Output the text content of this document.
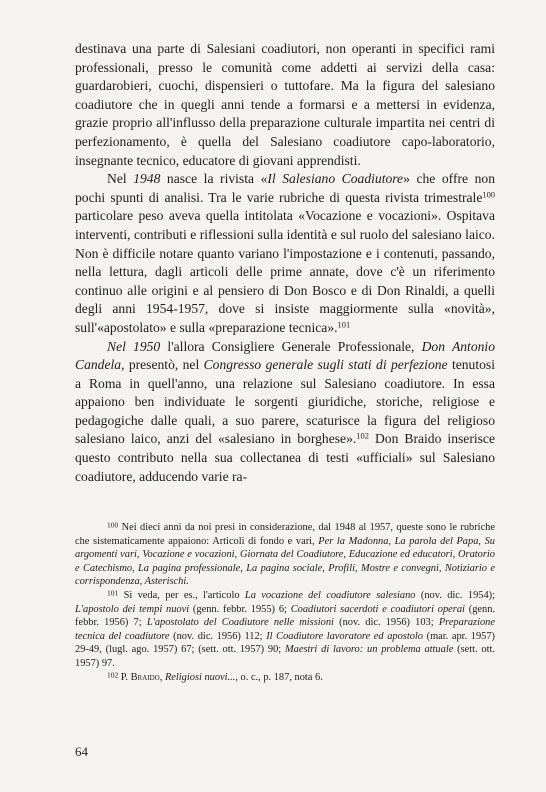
destinava una parte di Salesiani coadiutori, non operanti in specifici rami professionali, presso le comunità come addetti ai servizi della casa: guardarobieri, cuochi, dispensieri o tuttofare. Ma la figura del salesiano coadiutore che in quegli anni tende a formarsi e a mettersi in evidenza, grazie proprio all'influsso della preparazione culturale impartita nei centri di perfezionamento, è quella del Salesiano coadiutore capo-laboratorio, insegnante tecnico, educatore di giovani apprendisti.

Nel 1948 nasce la rivista «Il Salesiano Coadiutore» che offre non pochi spunti di analisi. Tra le varie rubriche di questa rivista trimestrale$^{100}$ particolare peso aveva quella intitolata «Vocazione e vocazioni». Ospitava interventi, contributi e riflessioni sulla identità e sul ruolo del salesiano laico. Non è difficile notare quanto variano l'impostazione e i contenuti, passando, nella lettura, dagli articoli delle prime annate, dove c'è un riferimento continuo alle origini e al pensiero di Don Bosco e di Don Rinaldi, a quelli degli anni 1954-1957, dove si insiste maggiormente sulla «novità», sull'«apostolato» e sulla «preparazione tecnica».$^{101}$

Nel 1950 l'allora Consigliere Generale Professionale, Don Antonio Candela, presentò, nel Congresso generale sugli stati di perfezione tenutosi a Roma in quell'anno, una relazione sul Salesiano coadiutore. In essa appaiono ben individuate le sorgenti giuridiche, storiche, religiose e pedagogiche dalle quali, a suo parere, scaturisce la figura del religioso salesiano laico, anzi del «salesiano in borghese».$^{102}$ Don Braido inserisce questo contributo nella sua collectanea di testi «ufficiali» sul Salesiano coadiutore, adducendo varie ra-

$^{100}$ Nei dieci anni da noi presi in considerazione, dal 1948 al 1957, queste sono le rubriche che sistematicamente appaiono: Articoli di fondo e vari, Per la Madonna, La parola del Papa, Su argomenti vari, Vocazione e vocazioni, Giornata del Coadiutore, Educazione ed educatori, Oratorio e Catechismo, La pagina professionale, La pagina sociale, Profili, Mostre e convegni, Notiziario e corrispondenza, Asterischi.

$^{101}$ Si veda, per es., l'articolo La vocazione del coadiutore salesiano (nov. dic. 1954); L'apostolo dei tempi nuovi (genn. febbr. 1955) 6; Coadiutori sacerdoti e coadiutori operai (genn. febbr. 1956) 7; L'apostolato del Coadiutore nelle missioni (nov. dic. 1956) 103; Preparazione tecnica del coadiutore (nov. dic. 1956) 112; Il Coadiutore lavoratore ed apostolo (mar. apr. 1957) 29-49, (lugl. ago. 1957) 67; (sett. ott. 1957) 90; Maestri di lavoro: un problema attuale (sett. ott. 1957) 97.

$^{102}$ P. Braido, Religiosi nuovi..., o. c., p. 187, nota 6.

64
